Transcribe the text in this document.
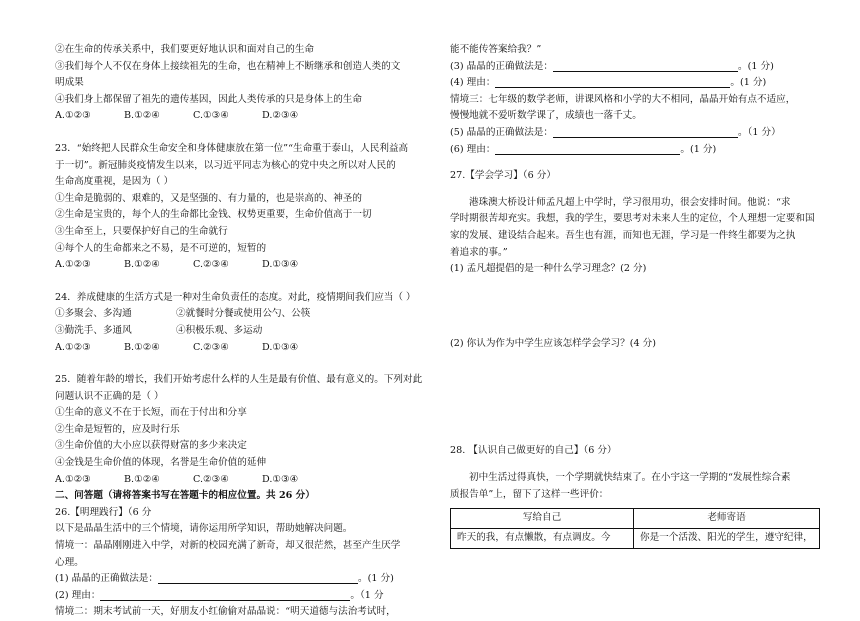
②在生命的传承关系中，我们要更好地认识和面对自己的生命
③我们每个人不仅在身体上接续祖先的生命，也在精神上不断继承和创造人类的文
明成果
④我们身上都保留了祖先的遗传基因，因此人类传承的只是身体上的生命
A.①②③	B.①②④	C.①③④	D.②③④
23．“始终把人民群众生命安全和身体健康放在第一位”“生命重于泰山，人民利益高
于一切”。新冠肺炎疫情发生以来，以习近平同志为核心的党中央之所以对人民的
生命高度重视，是因为（ ）
①生命是脆弱的、艰难的，又是坚强的、有力量的，也是崇高的、神圣的
②生命是宝贵的，每个人的生命都比金钱、权势更重要，生命价值高于一切
③生命至上，只要保护好自己的生命就行
④每个人的生命都来之不易，是不可逆的，短暂的
A.①②③	B.①②④	C.②③④	D.①③④
24．养成健康的生活方式是一种对生命负责任的态度。对此，疫情期间我们应当（ ）
①多聚会、多沟通	②就餐时分餐或使用公勺、公筷
③勤洗手、多通风	④积极乐观、多运动
A.①②③	B.①②④	C.②③④	D.①③④
25．随着年龄的增长，我们开始考虑什么样的人生是最有价值、最有意义的。下列对此
问题认识不正确的是（ ）
①生命的意义不在于长短，而在于付出和分享
②生命是短暂的，应及时行乐
③生命价值的大小应以获得财富的多少来决定
④金钱是生命价值的体现，名誉是生命价值的延伸
A.①②③	B.①②④	C.②③④	D.①③④
二、问答题（请将答案书写在答题卡的相应位置。共 26 分）
26.【明理践行】（6 分
以下是晶晶生活中的三个情境，请你运用所学知识，帮助她解决问题。
情境一：晶晶刚刚进入中学，对新的校园充满了新奇，却又很茫然，甚至产生厌学
心理。
(1) 晶晶的正确做法是：	。(1 分)
(2) 理由：	。（1 分
情境二：期末考试前一天，好朋友小红偷偷对晶晶说：“明天道德与法治考试时，
能不能传答案给我？”
(3) 晶晶的正确做法是：	。(1 分)
(4) 理由：	。(1 分)
情境三：七年级的数学老师，讲课风格和小学的大不相同，晶晶开始有点不适应，
慢慢地就不爱听数学课了，成绩也一落千丈。
(5) 晶晶的正确做法是：	。（1 分）
(6) 理由：	。(1 分)
27.【学会学习】（6 分）
港珠澳大桥设计师孟凡超上中学时，学习很用功，很会安排时间。他说：“求
学时期很苦却充实。我想，我的学生，要思考对未来人生的定位，个人理想一定要和国
家的发展、建设结合起来。吾生也有涯，而知也无涯，学习是一件终生都要为之执
着追求的事。”
(1) 孟凡超提倡的是一种什么学习理念？(2 分)
(2) 你认为作为中学生应该怎样学会学习？(4 分)
28. 【认识自己做更好的自己】（6 分）
初中生活过得真快，一个学期就快结束了。在小宇这一学期的“发展性综合素
质报告单”上，留下了这样一些评价：
写给自己	老师寄语
昨天的我，有点懒散，有点调皮。今	你是一个活泼、阳光的学生，遵守纪律，
